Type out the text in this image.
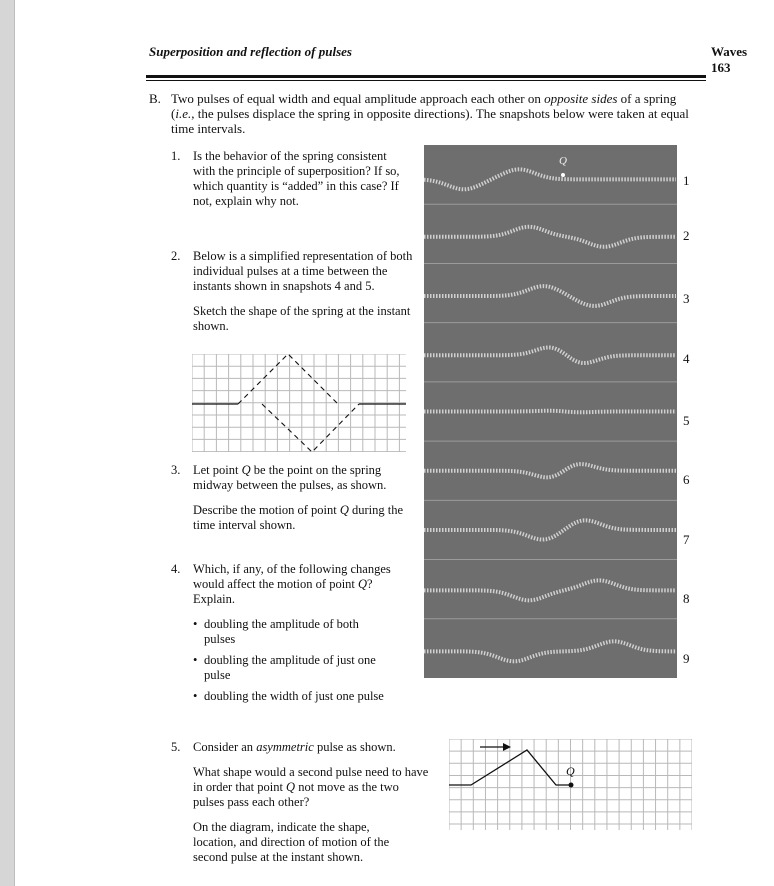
Superposition and reflection of pulses	Waves
163
B. Two pulses of equal width and equal amplitude approach each other on opposite sides of a spring (i.e., the pulses displace the spring in opposite directions). The snapshots below were taken at equal time intervals.
1. Is the behavior of the spring consistent with the principle of superposition? If so, which quantity is “added” in this case? If not, explain why not.
2. Below is a simplified representation of both individual pulses at a time between the instants shown in snapshots 4 and 5.

Sketch the shape of the spring at the instant shown.

3. Let point Q be the point on the spring midway between the pulses, as shown.

Describe the motion of point Q during the time interval shown.

4. Which, if any, of the following changes would affect the motion of point Q? Explain.

• doubling the amplitude of both pulses
• doubling the amplitude of just one pulse
• doubling the width of just one pulse
5. Consider an asymmetric pulse as shown.

What shape would a second pulse need to have in order that point Q not move as the two pulses pass each other?

On the diagram, indicate the shape, location, and direction of motion of the second pulse at the instant shown.

Q
Q
1
2
3
4
5
6
7
8
9
